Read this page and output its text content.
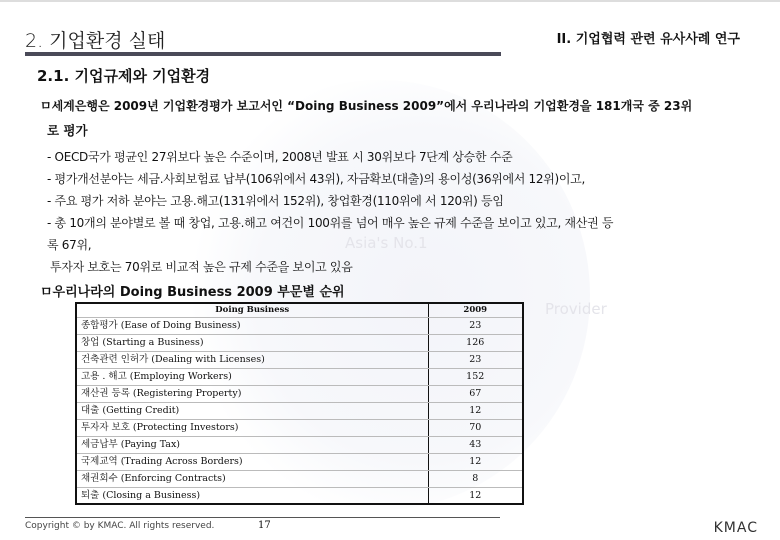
Asia's No.1
Provider
2. 기업환경 실태	II. 기업협력 관련 유사사례 연구
2.1. 기업규제와 기업환경
ㅁ세계은행은 2009년 기업환경평가 보고서인 “Doing Business 2009”에서 우리나라의 기업환경을 181개국 중 23위
로 평가
- OECD국가 평균인 27위보다 높은 수준이며, 2008년 발표 시 30위보다 7단계 상승한 수준
- 평가개선분야는 세금.사회보험료 납부(106위에서 43위), 자금확보(대출)의 용이성(36위에서 12위)이고,
- 주요 평가 저하 분야는 고용.해고(131위에서 152위), 창업환경(110위에 서 120위) 등임
- 총 10개의 분야별로 볼 때 창업, 고용.해고 여건이 100위를 넘어 매우 높은 규제 수준을 보이고 있고, 재산권 등
록 67위,
투자자 보호는 70위로 비교적 높은 규제 수준을 보이고 있음
ㅁ우리나라의 Doing Business 2009 부문별 순위
Doing Business	2009
종합평가 (Ease of Doing Business)	23
창업 (Starting a Business)	126
건축관련 인허가 (Dealing with Licenses)	23
고용 . 해고 (Employing Workers)	152
재산권 등록 (Registering Property)	67
대출 (Getting Credit)	12
투자자 보호 (Protecting Investors)	70
세금납부 (Paying Tax)	43
국제교역 (Trading Across Borders)	12
채권회수 (Enforcing Contracts)	8
퇴출 (Closing a Business)	12
Copyright © by KMAC. All rights reserved.	17	KMAC
